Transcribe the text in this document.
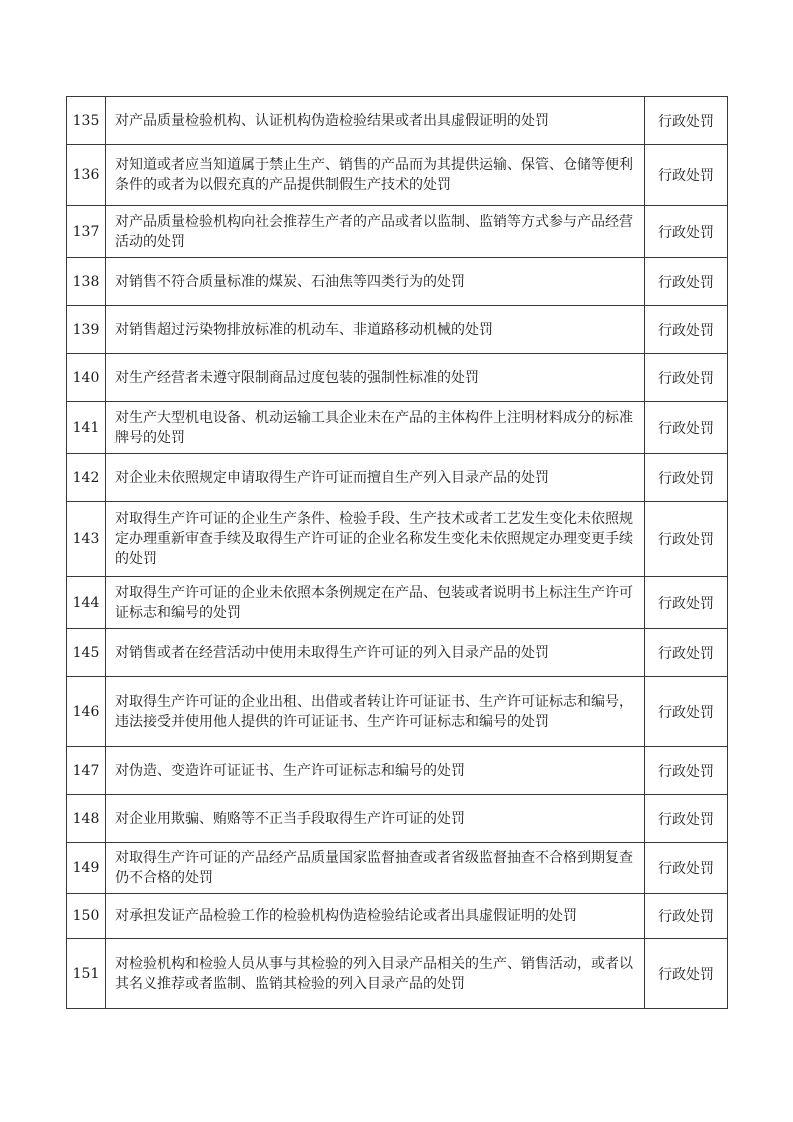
135	对产品质量检验机构、认证机构伪造检验结果或者出具虚假证明的处罚	行政处罚
136	对知道或者应当知道属于禁止生产、销售的产品而为其提供运输、保管、仓储等便利条件的或者为以假充真的产品提供制假生产技术的处罚	行政处罚
137	对产品质量检验机构向社会推荐生产者的产品或者以监制、监销等方式参与产品经营活动的处罚	行政处罚
138	对销售不符合质量标准的煤炭、石油焦等四类行为的处罚	行政处罚
139	对销售超过污染物排放标准的机动车、非道路移动机械的处罚	行政处罚
140	对生产经营者未遵守限制商品过度包装的强制性标准的处罚	行政处罚
141	对生产大型机电设备、机动运输工具企业未在产品的主体构件上注明材料成分的标准牌号的处罚	行政处罚
142	对企业未依照规定申请取得生产许可证而擅自生产列入目录产品的处罚	行政处罚
143	对取得生产许可证的企业生产条件、检验手段、生产技术或者工艺发生变化未依照规定办理重新审查手续及取得生产许可证的企业名称发生变化未依照规定办理变更手续的处罚	行政处罚
144	对取得生产许可证的企业未依照本条例规定在产品、包装或者说明书上标注生产许可证标志和编号的处罚	行政处罚
145	对销售或者在经营活动中使用未取得生产许可证的列入目录产品的处罚	行政处罚
146	对取得生产许可证的企业出租、出借或者转让许可证证书、生产许可证标志和编号，违法接受并使用他人提供的许可证证书、生产许可证标志和编号的处罚	行政处罚
147	对伪造、变造许可证证书、生产许可证标志和编号的处罚	行政处罚
148	对企业用欺骗、贿赂等不正当手段取得生产许可证的处罚	行政处罚
149	对取得生产许可证的产品经产品质量国家监督抽查或者省级监督抽查不合格到期复查仍不合格的处罚	行政处罚
150	对承担发证产品检验工作的检验机构伪造检验结论或者出具虚假证明的处罚	行政处罚
151	对检验机构和检验人员从事与其检验的列入目录产品相关的生产、销售活动，或者以其名义推荐或者监制、监销其检验的列入目录产品的处罚	行政处罚
